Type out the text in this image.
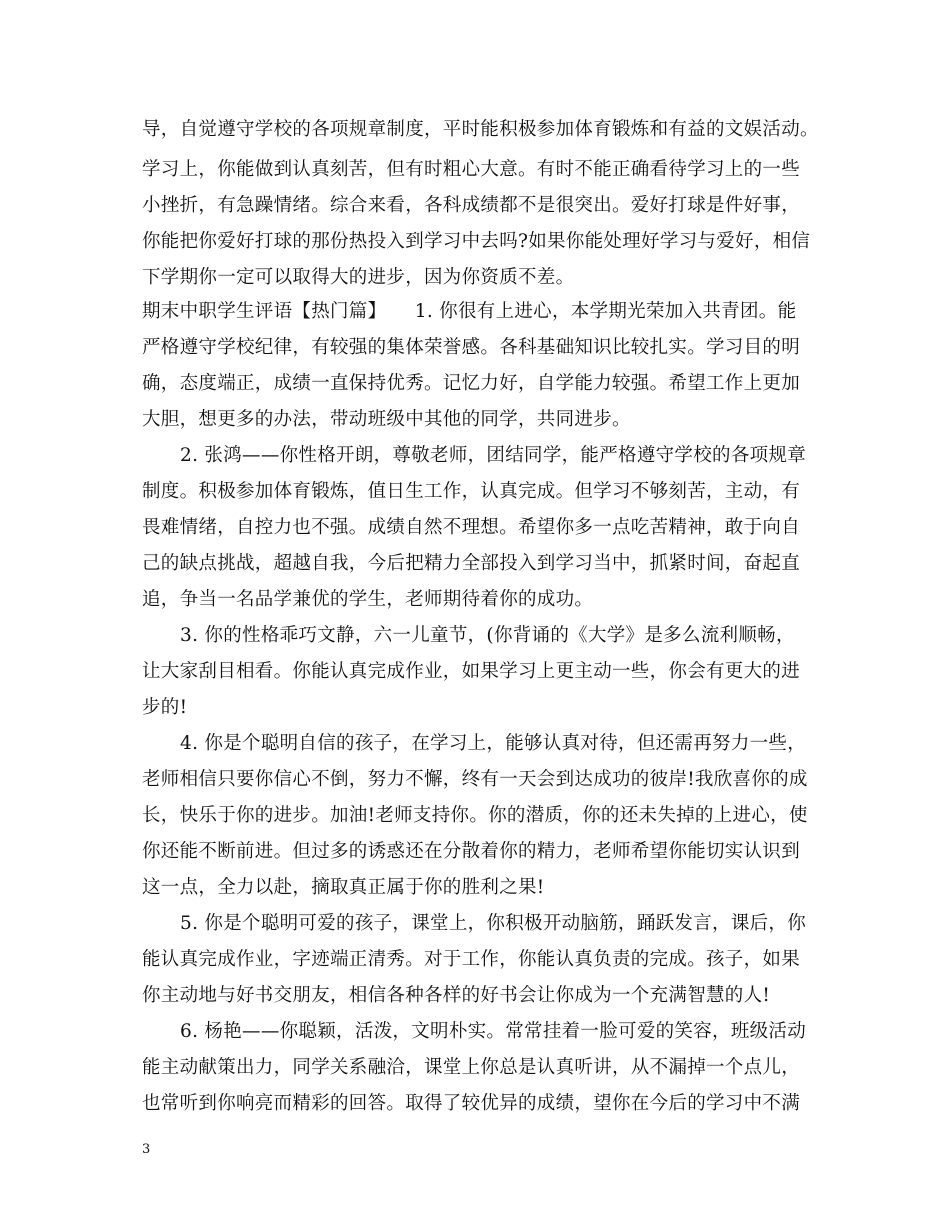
导，自觉遵守学校的各项规章制度，平时能积极参加体育锻炼和有益的文娱活动。
学习上，你能做到认真刻苦，但有时粗心大意。有时不能正确看待学习上的一些
小挫折，有急躁情绪。综合来看，各科成绩都不是很突出。爱好打球是件好事，
你能把你爱好打球的那份热投入到学习中去吗?如果你能处理好学习与爱好，相信
下学期你一定可以取得大的进步，因为你资质不差。
期末中职学生评语【热门篇】　　1. 你很有上进心，本学期光荣加入共青团。能
严格遵守学校纪律，有较强的集体荣誉感。各科基础知识比较扎实。学习目的明
确，态度端正，成绩一直保持优秀。记忆力好，自学能力较强。希望工作上更加
大胆，想更多的办法，带动班级中其他的同学，共同进步。
2. 张鸿——你性格开朗，尊敬老师，团结同学，能严格遵守学校的各项规章
制度。积极参加体育锻炼，值日生工作，认真完成。但学习不够刻苦，主动，有
畏难情绪，自控力也不强。成绩自然不理想。希望你多一点吃苦精神，敢于向自
己的缺点挑战，超越自我，今后把精力全部投入到学习当中，抓紧时间，奋起直
追，争当一名品学兼优的学生，老师期待着你的成功。
3. 你的性格乖巧文静，六一儿童节，(你背诵的《大学》是多么流利顺畅，
让大家刮目相看。你能认真完成作业，如果学习上更主动一些，你会有更大的进
步的!
4. 你是个聪明自信的孩子，在学习上，能够认真对待，但还需再努力一些，
老师相信只要你信心不倒，努力不懈，终有一天会到达成功的彼岸!我欣喜你的成
长，快乐于你的进步。加油!老师支持你。你的潜质，你的还未失掉的上进心，使
你还能不断前进。但过多的诱惑还在分散着你的精力，老师希望你能切实认识到
这一点，全力以赴，摘取真正属于你的胜利之果!
5. 你是个聪明可爱的孩子，课堂上，你积极开动脑筋，踊跃发言，课后，你
能认真完成作业，字迹端正清秀。对于工作，你能认真负责的完成。孩子，如果
你主动地与好书交朋友，相信各种各样的好书会让你成为一个充满智慧的人!
6. 杨艳——你聪颖，活泼，文明朴实。常常挂着一脸可爱的笑容，班级活动
能主动献策出力，同学关系融洽，课堂上你总是认真听讲，从不漏掉一个点儿，
也常听到你响亮而精彩的回答。取得了较优异的成绩，望你在今后的学习中不满
3
